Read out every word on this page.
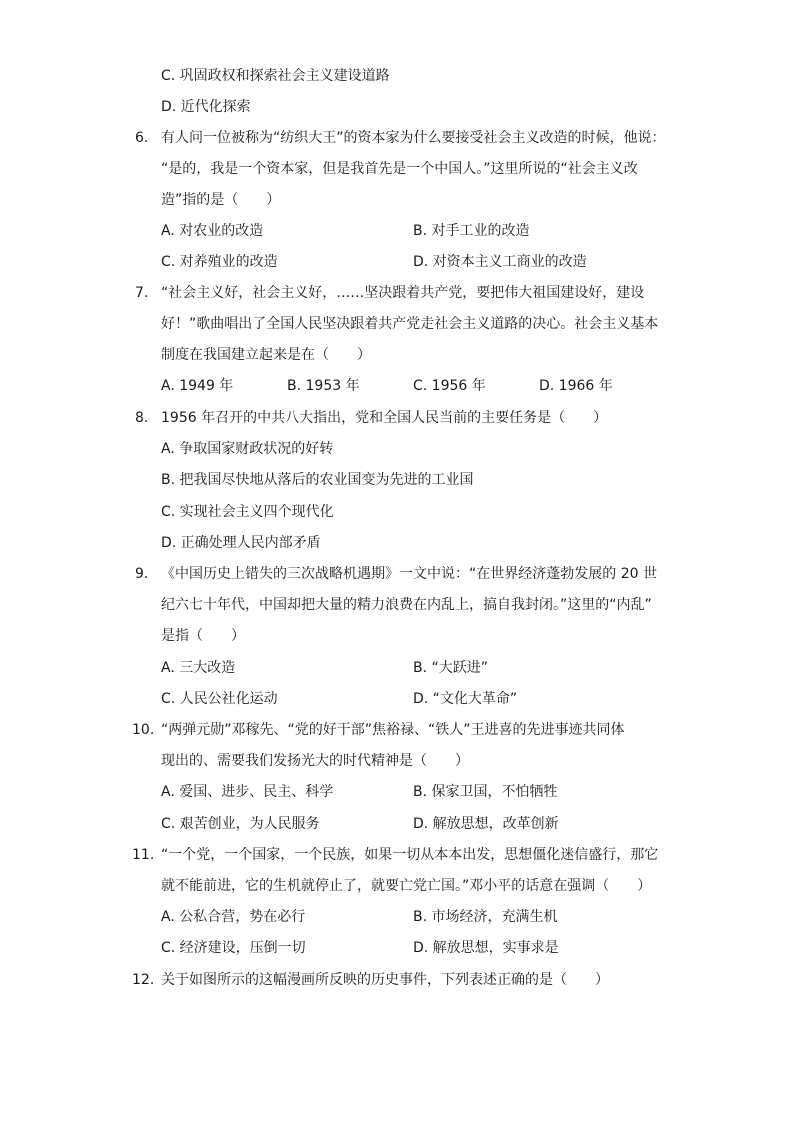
C. 巩固政权和探索社会主义建设道路
D. 近代化探索
6. 有人问一位被称为“纺织大王”的资本家为什么要接受社会主义改造的时候，他说：
“是的，我是一个资本家，但是我首先是一个中国人。”这里所说的“社会主义改
造”指的是（　　）
A. 对农业的改造	B. 对手工业的改造
C. 对养殖业的改造	D. 对资本主义工商业的改造
7. “社会主义好，社会主义好，……坚决跟着共产党，要把伟大祖国建设好，建设
好！”歌曲唱出了全国人民坚决跟着共产党走社会主义道路的决心。社会主义基本
制度在我国建立起来是在（　　）
A. 1949 年	B. 1953 年	C. 1956 年	D. 1966 年
8. 1956 年召开的中共八大指出，党和全国人民当前的主要任务是（　　）
A. 争取国家财政状况的好转
B. 把我国尽快地从落后的农业国变为先进的工业国
C. 实现社会主义四个现代化
D. 正确处理人民内部矛盾
9. 《中国历史上错失的三次战略机遇期》一文中说：“在世界经济蓬勃发展的 20 世
纪六七十年代，中国却把大量的精力浪费在内乱上，搞自我封闭。”这里的“内乱”
是指（　　）
A. 三大改造	B. “大跃进”
C. 人民公社化运动	D. “文化大革命”
10. “两弹元勋”邓稼先、“党的好干部”焦裕禄、“铁人”王进喜的先进事迹共同体
现出的、需要我们发扬光大的时代精神是（　　）
A. 爱国、进步、民主、科学	B. 保家卫国，不怕牺牲
C. 艰苦创业，为人民服务	D. 解放思想，改革创新
11. “一个党，一个国家，一个民族，如果一切从本本出发，思想僵化迷信盛行，那它
就不能前进，它的生机就停止了，就要亡党亡国。”邓小平的话意在强调（　　）
A. 公私合营，势在必行	B. 市场经济，充满生机
C. 经济建设，压倒一切	D. 解放思想，实事求是
12. 关于如图所示的这幅漫画所反映的历史事件，下列表述正确的是（　　）
